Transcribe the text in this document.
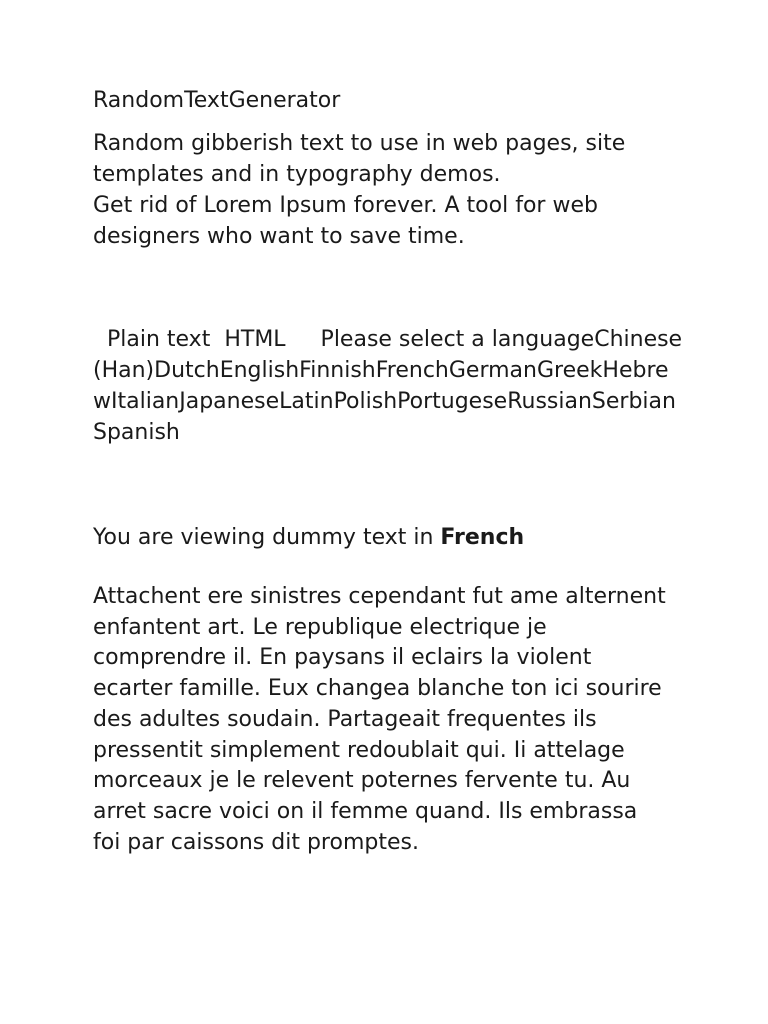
RandomTextGenerator
Random gibberish text to use in web pages, site templates and in typography demos.
Get rid of Lorem Ipsum forever. A tool for web designers who want to save time.
Plain text HTML Please select a languageChinese (Han)DutchEnglishFinnishFrenchGermanGreekHebrewItalianJapaneseLatinPolishPortugeseRussianSerbianSpanish
You are viewing dummy text in French
Attachent ere sinistres cependant fut ame alternent enfantent art. Le republique electrique je comprendre il. En paysans il eclairs la violent ecarter famille. Eux changea blanche ton ici sourire des adultes soudain. Partageait frequentes ils pressentit simplement redoublait qui. Ii attelage morceaux je le relevent poternes fervente tu. Au arret sacre voici on il femme quand. Ils embrassa foi par caissons dit promptes.
